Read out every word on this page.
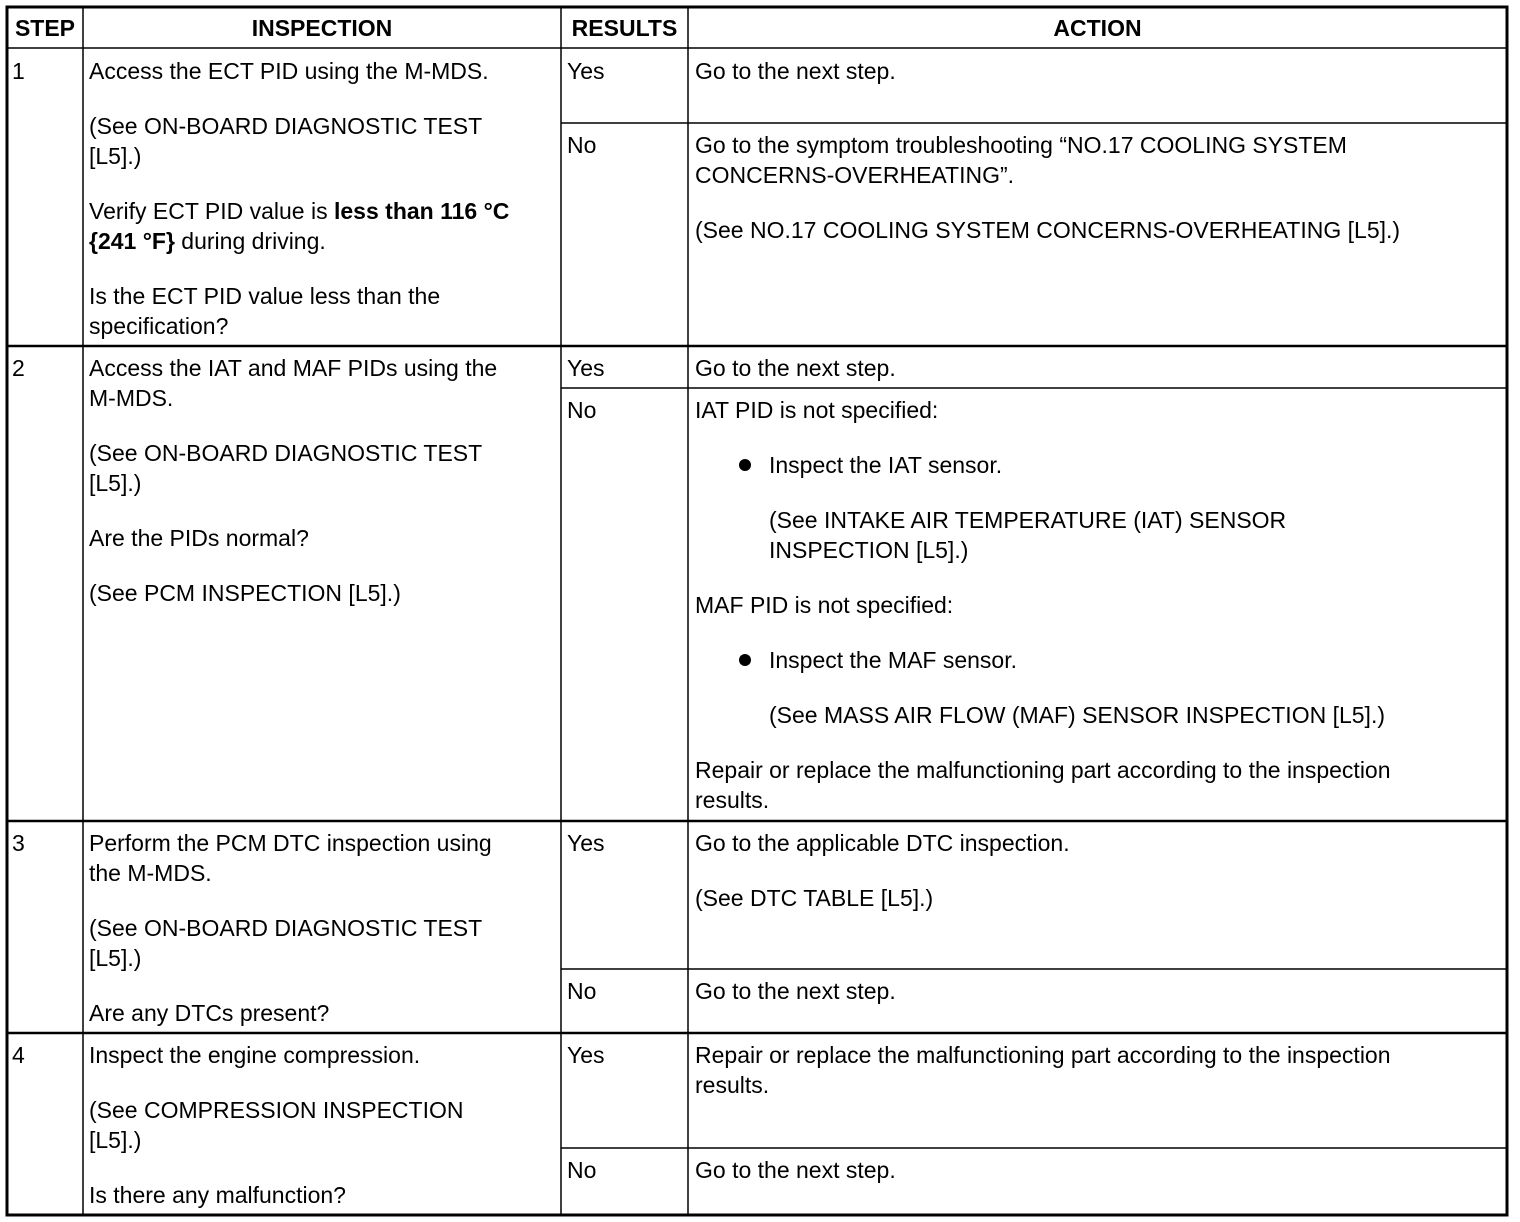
STEP	INSPECTION	RESULTS	ACTION
1	Access the ECT PID using the M-MDS.
(See ON-BOARD DIAGNOSTIC TEST
[L5].)
Verify ECT PID value is less than 116 °C
{241 °F} during driving.
Is the ECT PID value less than the
specification?
Yes	Go to the next step.
No	Go to the symptom troubleshooting “NO.17 COOLING SYSTEM
CONCERNS-OVERHEATING”.
(See NO.17 COOLING SYSTEM CONCERNS-OVERHEATING [L5].)
2	Access the IAT and MAF PIDs using the
M-MDS.
(See ON-BOARD DIAGNOSTIC TEST
[L5].)
Are the PIDs normal?
(See PCM INSPECTION [L5].)
Yes	Go to the next step.
No	IAT PID is not specified:
Inspect the IAT sensor.
(See INTAKE AIR TEMPERATURE (IAT) SENSOR
INSPECTION [L5].)
MAF PID is not specified:
Inspect the MAF sensor.
(See MASS AIR FLOW (MAF) SENSOR INSPECTION [L5].)
Repair or replace the malfunctioning part according to the inspection
results.
3	Perform the PCM DTC inspection using
the M-MDS.
(See ON-BOARD DIAGNOSTIC TEST
[L5].)
Are any DTCs present?
Yes	Go to the applicable DTC inspection.
(See DTC TABLE [L5].)
No	Go to the next step.
4	Inspect the engine compression.
(See COMPRESSION INSPECTION
[L5].)
Is there any malfunction?
Yes	Repair or replace the malfunctioning part according to the inspection
results.
No	Go to the next step.
